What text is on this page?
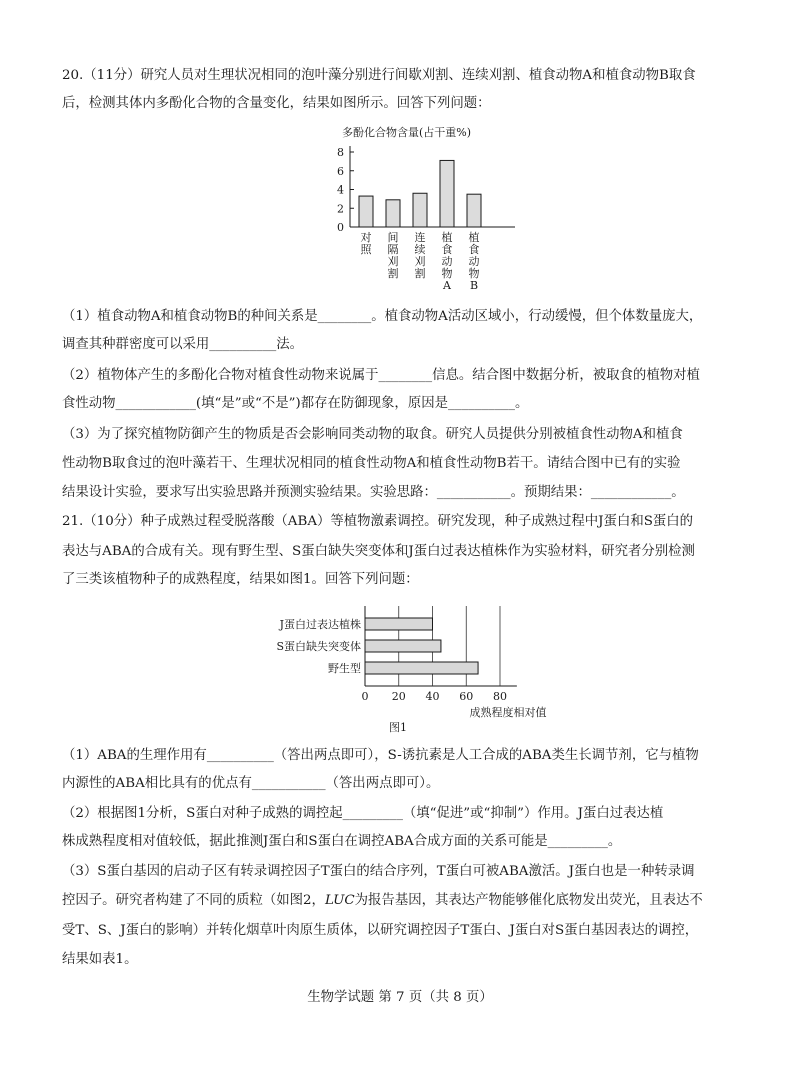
20.（11分）研究人员对生理状况相同的泡叶藻分别进行间歇刈割、连续刈割、植食动物A和植食动物B取食
后，检测其体内多酚化合物的含量变化，结果如图所示。回答下列问题：
多酚化合物含量(占干重%)
0
2
4
6
8
对
照
间
隔
刈
割
连
续
刈
割
植
食
动
物
A
植
食
动
物
B
（1）植食动物A和植食动物B的种间关系是________。植食动物A活动区域小，行动缓慢，但个体数量庞大，
调查其种群密度可以采用__________法。
（2）植物体产生的多酚化合物对植食性动物来说属于________信息。结合图中数据分析，被取食的植物对植
食性动物____________(填“是”或“不是”)都存在防御现象，原因是__________。
（3）为了探究植物防御产生的物质是否会影响同类动物的取食。研究人员提供分别被植食性动物A和植食
性动物B取食过的泡叶藻若干、生理状况相同的植食性动物A和植食性动物B若干。请结合图中已有的实验
结果设计实验，要求写出实验思路并预测实验结果。实验思路：___________。预期结果：____________。
21.（10分）种子成熟过程受脱落酸（ABA）等植物激素调控。研究发现，种子成熟过程中J蛋白和S蛋白的
表达与ABA的合成有关。现有野生型、S蛋白缺失突变体和J蛋白过表达植株作为实验材料，研究者分别检测
了三类该植物种子的成熟程度，结果如图1。回答下列问题：
0 20 40 60 80
J蛋白过表达植株
S蛋白缺失突变体
野生型
成熟程度相对值
图1
（1）ABA的生理作用有__________（答出两点即可），S-诱抗素是人工合成的ABA类生长调节剂，它与植物
内源性的ABA相比具有的优点有___________（答出两点即可）。
（2）根据图1分析，S蛋白对种子成熟的调控起_________（填“促进”或“抑制”）作用。J蛋白过表达植
株成熟程度相对值较低，据此推测J蛋白和S蛋白在调控ABA合成方面的关系可能是_________。
（3）S蛋白基因的启动子区有转录调控因子T蛋白的结合序列，T蛋白可被ABA激活。J蛋白也是一种转录调
控因子。研究者构建了不同的质粒（如图2，LUC为报告基因，其表达产物能够催化底物发出荧光，且表达不
受T、S、J蛋白的影响）并转化烟草叶肉原生质体，以研究调控因子T蛋白、J蛋白对S蛋白基因表达的调控，
结果如表1。
生物学试题 第 7 页（共 8 页）
